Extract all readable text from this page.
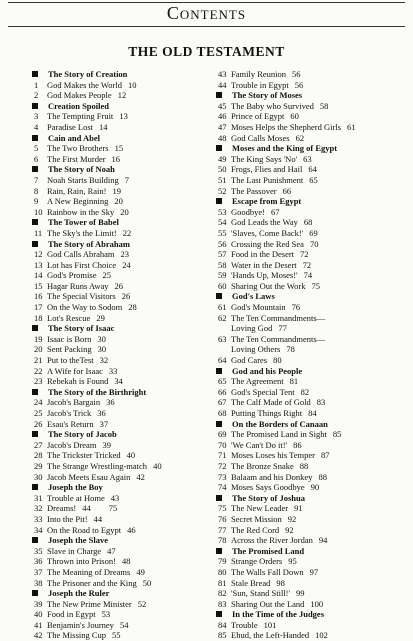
Contents
THE OLD TESTAMENT
The Story of Creation
1 God Makes the World 10
2 God Makes People 12
Creation Spoiled
3 The Tempting Fruit 13
4 Paradise Lost 14
Cain and Abel
5 The Two Brothers 15
6 The First Murder 16
The Story of Noah
7 Noah Starts Building 7
8 Rain, Rain, Rain! 19
9 A New Beginning 20
10 Rainbow in the Sky 20
The Tower of Babel
11 The Sky's the Limit! 22
The Story of Abraham
12 God Calls Abraham 23
13 Lot has First Choice 24
14 God's Promise 25
15 Hagar Runs Away 26
16 The Special Visitors 26
17 On the Way to Sodom 28
18 Lot's Rescue 29
The Story of Isaac
19 Isaac is Born 30
20 Sent Packing 30
21 Put to theTest 32
22 A Wife for Isaac 33
23 Rebekah is Found 34
The Story of the Birthright
24 Jacob's Bargain 36
25 Jacob's Trick 36
26 Esau's Return 37
The Story of Jacob
27 Jacob's Dream 39
28 The Trickster Tricked 40
29 The Strange Wrestling-match 40
30 Jacob Meets Esau Again 42
Joseph the Boy
31 Trouble at Home 43
32 Dreams! 44 75
33 Into the Pit! 44
34 On the Road to Egypt 46
Joseph the Slave
35 Slave in Charge 47
36 Thrown into Prison! 48
37 The Meaning of Dreams 49
38 The Prisoner and the King 50
Joseph the Ruler
39 The New Prime Minister 52
40 Food in Egypt 53
41 Benjamin's Journey 54
42 The Missing Cup 55
43 Family Reunion 56
44 Trouble in Egypt 56
The Story of Moses
45 The Baby who Survived 58
46 Prince of Egypt 60
47 Moses Helps the Shepherd Girls 61
48 God Calls Moses 62
Moses and the King of Egypt
49 The King Says 'No' 63
50 Frogs, Flies and Hail 64
51 The Last Punishment 65
52 The Passover 66
Escape from Egypt
53 Goodbye! 67
54 God Leads the Way 68
55 'Slaves, Come Back!' 69
56 Crossing the Red Sea 70
57 Food in the Desert 72
58 Water in the Desert 72
59 'Hands Up, Moses!' 74
60 Sharing Out the Work 75
God's Laws
61 God's Mountain 76
62 The Ten Commandments—
Loving God 77
63 The Ten Commandments—
Loving Others 78
64 God Cares 80
God and his People
65 The Agreement 81
66 God's Special Tent 82
67 The Calf Made of Gold 83
68 Putting Things Right 84
On the Borders of Canaan
69 The Promised Land in Sight 85
70 'We Can't Do it!' 86
71 Moses Loses his Temper 87
72 The Bronze Snake 88
73 Balaam and his Donkey 88
74 Moses Says Goodbye 90
The Story of Joshua
75 The New Leader 91
76 Secret Mission 92
77 The Red Cord 92
78 Across the River Jordan 94
The Promised Land
79 Strange Orders 95
80 The Walls Fall Down 97
81 Stale Bread 98
82 'Sun, Stand Still!' 99
83 Sharing Out the Land 100
In the Time of the Judges
84 Trouble 101
85 Ehud, the Left-Handed 102
